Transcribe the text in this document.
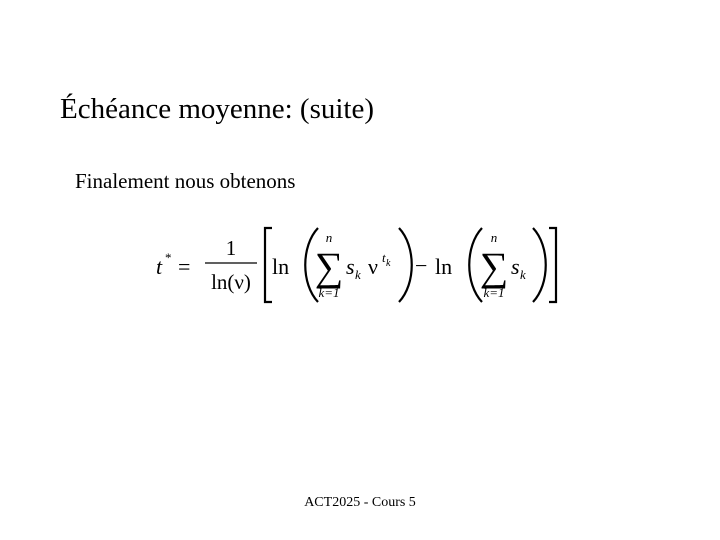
Échéance moyenne: (suite)
Finalement nous obtenons
t * =
1
ln(ν)
ln
n
∑
k=1
s k ν t k − ln
n
∑
k=1
s k
ACT2025 - Cours 5
